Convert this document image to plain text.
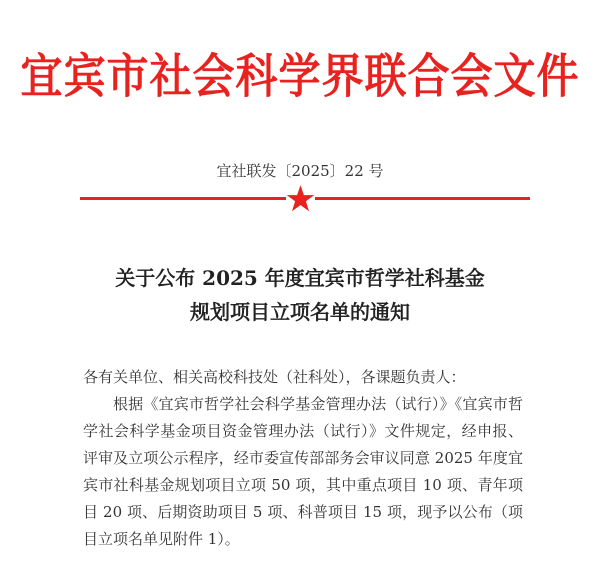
宜宾市社会科学界联合会文件
宜社联发〔2025〕22 号
关于公布 2025 年度宜宾市哲学社科基金
规划项目立项名单的通知

各有关单位、相关高校科技处（社科处），各课题负责人：

根据《宜宾市哲学社会科学基金管理办法（试行）》《宜宾市哲学社会科学基金项目资金管理办法（试行）》文件规定，经申报、评审及立项公示程序，经市委宣传部部务会审议同意 2025 年度宜宾市社科基金规划项目立项 50 项，其中重点项目 10 项、青年项目 20 项、后期资助项目 5 项、科普项目 15 项，现予以公布（项目立项名单见附件 1）。
